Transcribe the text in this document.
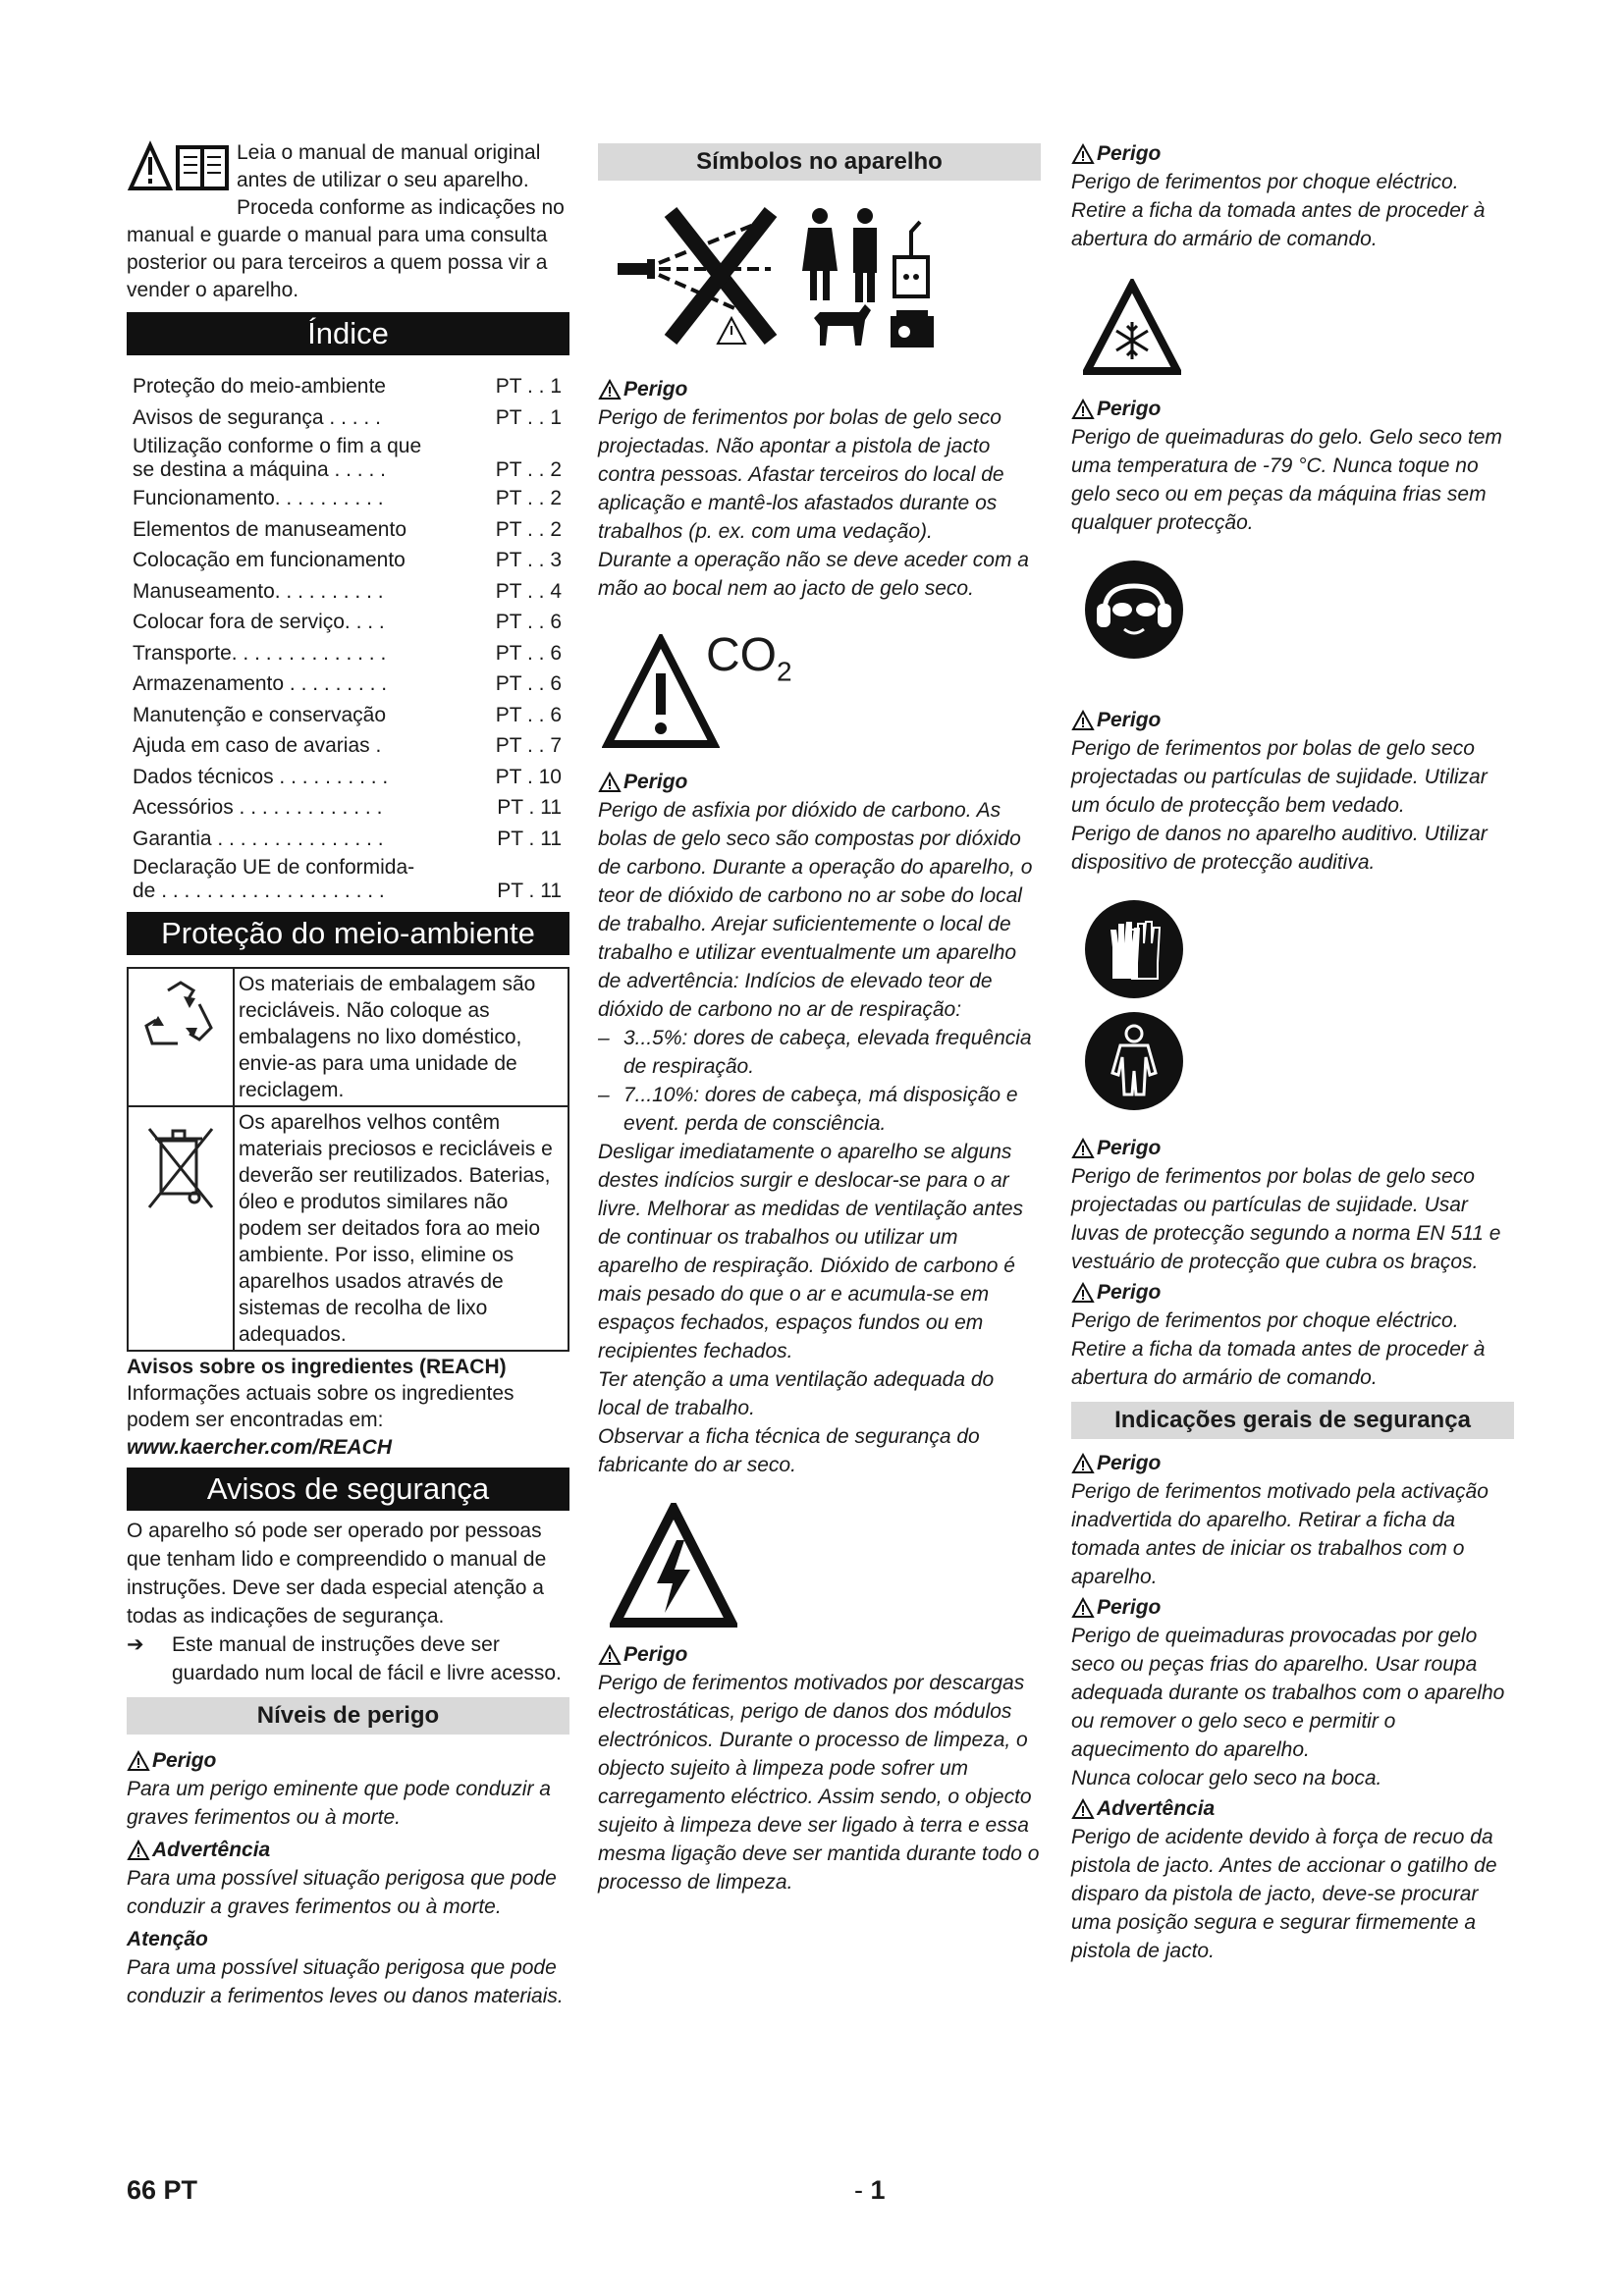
Leia o manual de manual original antes de utilizar o seu aparelho. Proceda conforme as indicações no manual e guarde o manual para uma consulta posterior ou para terceiros a quem possa vir a vender o aparelho.

Índice
Proteção do meio-ambiente	PT . . 1
Avisos de segurança . . . . .	PT . . 1
Utilização conforme o fim a que
se destina a máquina . . . . .	PT . . 2
Funcionamento. . . . . . . . . .	PT . . 2
Elementos de manuseamento	PT . . 2
Colocação em funcionamento	PT . . 3
Manuseamento. . . . . . . . . .	PT . . 4
Colocar fora de serviço. . . .	PT . . 6
Transporte. . . . . . . . . . . . . .	PT . . 6
Armazenamento . . . . . . . . .	PT . . 6
Manutenção e conservação	PT . . 6
Ajuda em caso de avarias .	PT . . 7
Dados técnicos . . . . . . . . . .	PT . 10
Acessórios . . . . . . . . . . . . .	PT . 11
Garantia . . . . . . . . . . . . . . .	PT . 11
Declaração UE de conformida-
de . . . . . . . . . . . . . . . . . . . .	PT . 11
Proteção do meio-ambiente
Os materiais de embalagem são recicláveis. Não coloque as embalagens no lixo doméstico, envie-as para uma unidade de reciclagem.
Os aparelhos velhos contêm materiais preciosos e recicláveis e deverão ser reutilizados. Baterias, óleo e produtos similares não podem ser deitados fora ao meio ambiente. Por isso, elimine os aparelhos usados através de sistemas de recolha de lixo adequados.

Avisos sobre os ingredientes (REACH)

Informações actuais sobre os ingredientes podem ser encontradas em:

www.kaercher.com/REACH

Avisos de segurança

O aparelho só pode ser operado por pessoas que tenham lido e compreendido o manual de instruções. Deve ser dada especial atenção a todas as indicações de segurança.

➔	Este manual de instruções deve ser guardado num local de fácil e livre acesso.
Níveis de perigo
Perigo

Para um perigo eminente que pode conduzir a graves ferimentos ou à morte.

Advertência

Para uma possível situação perigosa que pode conduzir a graves ferimentos ou à morte.

Atenção

Para uma possível situação perigosa que pode conduzir a ferimentos leves ou danos materiais.

Símbolos no aparelho
Perigo

Perigo de ferimentos por bolas de gelo seco projectadas. Não apontar a pistola de jacto contra pessoas. Afastar terceiros do local de aplicação e mantê-los afastados durante os trabalhos (p. ex. com uma vedação).

Durante a operação não se deve aceder com a mão ao bocal nem ao jacto de gelo seco.

$CO_2$
Perigo

Perigo de asfixia por dióxido de carbono. As bolas de gelo seco são compostas por dióxido de carbono. Durante a operação do aparelho, o teor de dióxido de carbono no ar sobe do local de trabalho. Arejar suficientemente o local de trabalho e utilizar eventualmente um aparelho de advertência: Indícios de elevado teor de dióxido de carbono no ar de respiração:

– 3...5%: dores de cabeça, elevada frequência de respiração.
– 7...10%: dores de cabeça, má disposição e event. perda de consciência.

Desligar imediatamente o aparelho se alguns destes indícios surgir e deslocar-se para o ar livre. Melhorar as medidas de ventilação antes de continuar os trabalhos ou utilizar um aparelho de respiração. Dióxido de carbono é mais pesado do que o ar e acumula-se em espaços fechados, espaços fundos ou em recipientes fechados.

Ter atenção a uma ventilação adequada do local de trabalho.

Observar a ficha técnica de segurança do fabricante do ar seco.

Perigo

Perigo de ferimentos motivados por descargas electrostáticas, perigo de danos dos módulos electrónicos. Durante o processo de limpeza, o objecto sujeito à limpeza pode sofrer um carregamento eléctrico. Assim sendo, o objecto sujeito à limpeza deve ser ligado à terra e essa mesma ligação deve ser mantida durante todo o processo de limpeza.

Perigo

Perigo de ferimentos por choque eléctrico. Retire a ficha da tomada antes de proceder à abertura do armário de comando.

Perigo

Perigo de queimaduras do gelo. Gelo seco tem uma temperatura de -79 °C. Nunca toque no gelo seco ou em peças da máquina frias sem qualquer protecção.

Perigo

Perigo de ferimentos por bolas de gelo seco projectadas ou partículas de sujidade. Utilizar um óculo de protecção bem vedado.

Perigo de danos no aparelho auditivo. Utilizar dispositivo de protecção auditiva.

Perigo

Perigo de ferimentos por bolas de gelo seco projectadas ou partículas de sujidade. Usar luvas de protecção segundo a norma EN 511 e vestuário de protecção que cubra os braços.

Perigo

Perigo de ferimentos por choque eléctrico. Retire a ficha da tomada antes de proceder à abertura do armário de comando.

Indicações gerais de segurança
Perigo

Perigo de ferimentos motivado pela activação inadvertida do aparelho. Retirar a ficha da tomada antes de iniciar os trabalhos com o aparelho.

Perigo

Perigo de queimaduras provocadas por gelo seco ou peças frias do aparelho. Usar roupa adequada durante os trabalhos com o aparelho ou remover o gelo seco e permitir o aquecimento do aparelho.

Nunca colocar gelo seco na boca.

Advertência

Perigo de acidente devido à força de recuo da pistola de jacto. Antes de accionar o gatilho de disparo da pistola de jacto, deve-se procurar uma posição segura e segurar firmemente a pistola de jacto.

66 PT	- 1
